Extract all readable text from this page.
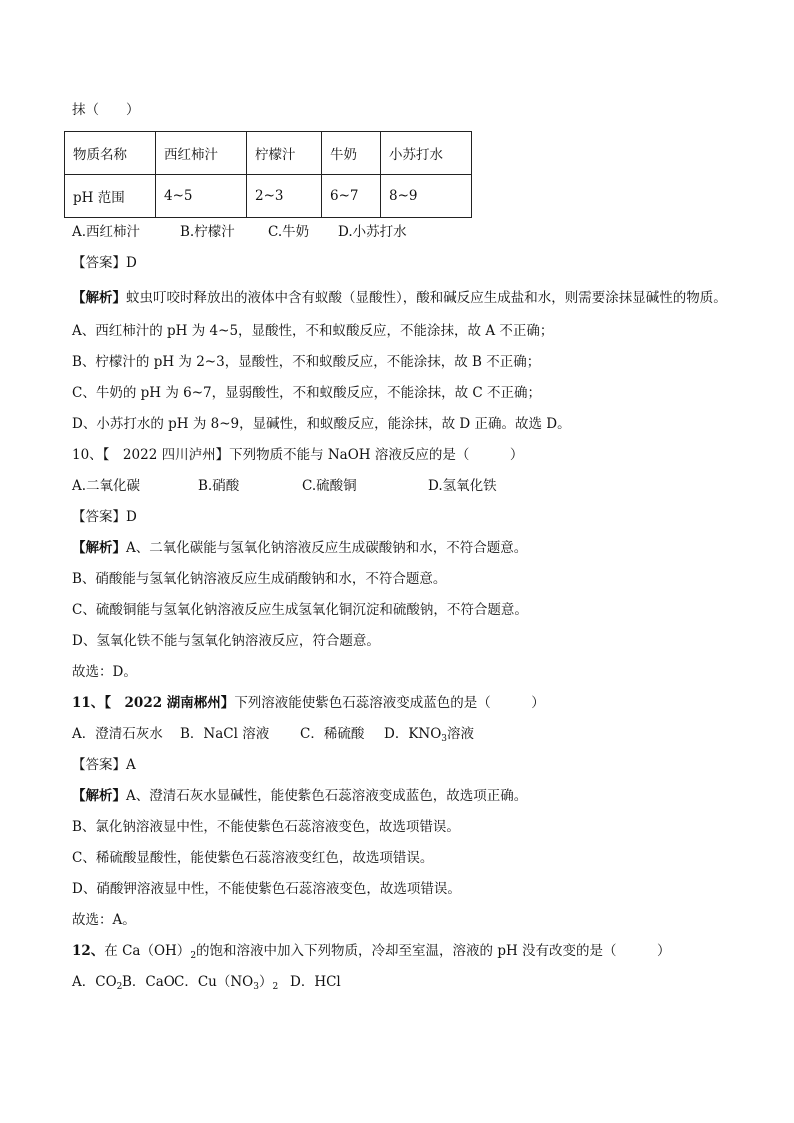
抹（　　）
物质名称	西红柿汁	柠檬汁	牛奶	小苏打水
pH 范围	4~5	2~3	6~7	8~9
A.西红柿汁	B.柠檬汁 C.牛奶 D.小苏打水
【答案】D
【解析】蚊虫叮咬时释放出的液体中含有蚁酸（显酸性），酸和碱反应生成盐和水，则需要涂抹显碱性的物质。
A、西红柿汁的 pH 为 4~5，显酸性，不和蚁酸反应，不能涂抹，故 A 不正确；
B、柠檬汁的 pH 为 2~3，显酸性，不和蚁酸反应，不能涂抹，故 B 不正确；
C、牛奶的 pH 为 6~7，显弱酸性，不和蚁酸反应，不能涂抹，故 C 不正确；
D、小苏打水的 pH 为 8~9，显碱性，和蚁酸反应，能涂抹，故 D 正确。故选 D。
10、【　2022 四川泸州】下列物质不能与 NaOH 溶液反应的是（　　　）
A.二氧化碳	B.硝酸	C.硫酸铜	D.氢氧化铁
【答案】D
【解析】A、二氧化碳能与氢氧化钠溶液反应生成碳酸钠和水，不符合题意。
B、硝酸能与氢氧化钠溶液反应生成硝酸钠和水，不符合题意。
C、硫酸铜能与氢氧化钠溶液反应生成氢氧化铜沉淀和硫酸钠，不符合题意。
D、氢氧化铁不能与氢氧化钠溶液反应，符合题意。
故选：D。
11、【　2022 湖南郴州】下列溶液能使紫色石蕊溶液变成蓝色的是（　　　）
A．澄清石灰水 B．NaCl 溶液 C．稀硫酸 D．$KNO_3$溶液
【答案】A
【解析】A、澄清石灰水显碱性，能使紫色石蕊溶液变成蓝色，故选项正确。
B、氯化钠溶液显中性，不能使紫色石蕊溶液变色，故选项错误。
C、稀硫酸显酸性，能使紫色石蕊溶液变红色，故选项错误。
D、硝酸钾溶液显中性，不能使紫色石蕊溶液变色，故选项错误。
故选：A。
12、在 $Ca(OH)_2$的饱和溶液中加入下列物质，冷却至室温，溶液的 pH 没有改变的是（　　　）
A．$CO_2B$．CaOC．$Cu(NO_3)_2$ D．HCl
